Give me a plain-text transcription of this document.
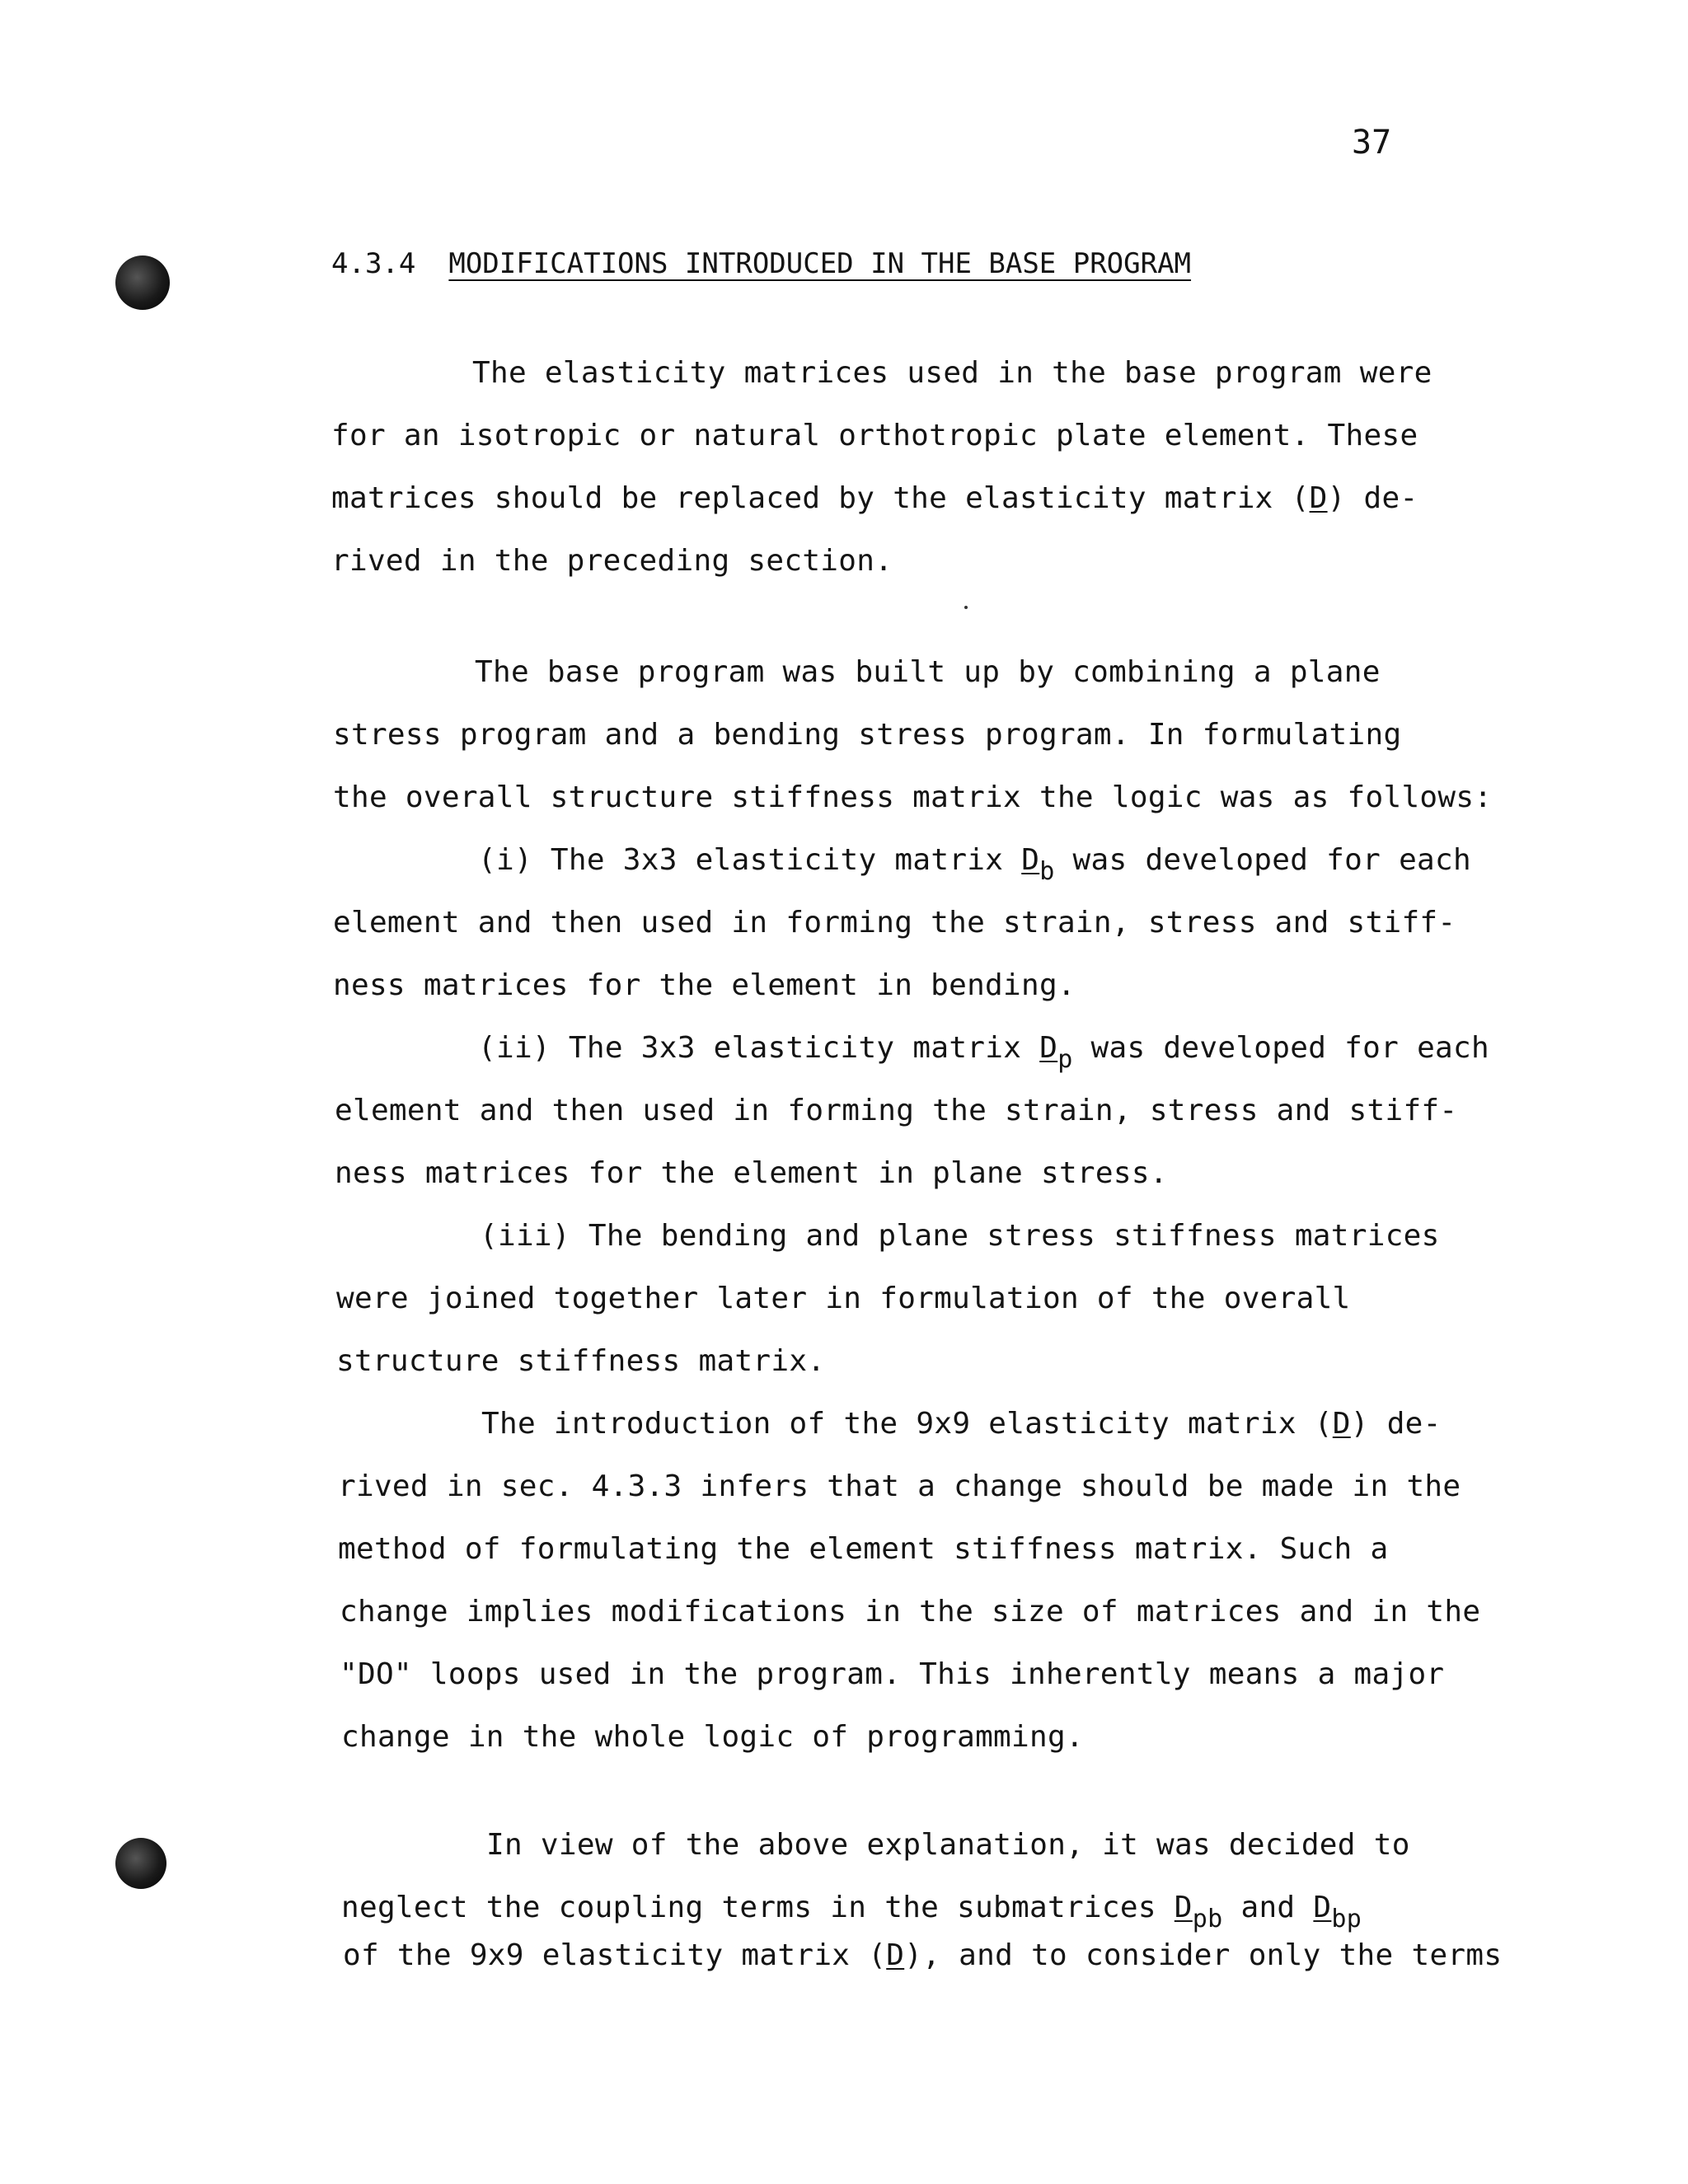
37
4.3.4 MODIFICATIONS INTRODUCED IN THE BASE PROGRAM
The elasticity matrices used in the base program were
for an isotropic or natural orthotropic plate element. These
matrices should be replaced by the elasticity matrix (D) de-
rived in the preceding section.
The base program was built up by combining a plane
stress program and a bending stress program. In formulating
the overall structure stiffness matrix the logic was as follows:
(i) The 3x3 elasticity matrix $D_b$ was developed for each
element and then used in forming the strain, stress and stiff-
ness matrices for the element in bending.
(ii) The 3x3 elasticity matrix $D_p$ was developed for each
element and then used in forming the strain, stress and stiff-
ness matrices for the element in plane stress.
(iii) The bending and plane stress stiffness matrices
were joined together later in formulation of the overall
structure stiffness matrix.
The introduction of the 9x9 elasticity matrix (D) de-
rived in sec. 4.3.3 infers that a change should be made in the
method of formulating the element stiffness matrix. Such a
change implies modifications in the size of matrices and in the
"DO" loops used in the program. This inherently means a major
change in the whole logic of programming.
In view of the above explanation, it was decided to
neglect the coupling terms in the submatrices $D_{pb}$ and $D_{bp}$
of the 9x9 elasticity matrix (D), and to consider only the terms
